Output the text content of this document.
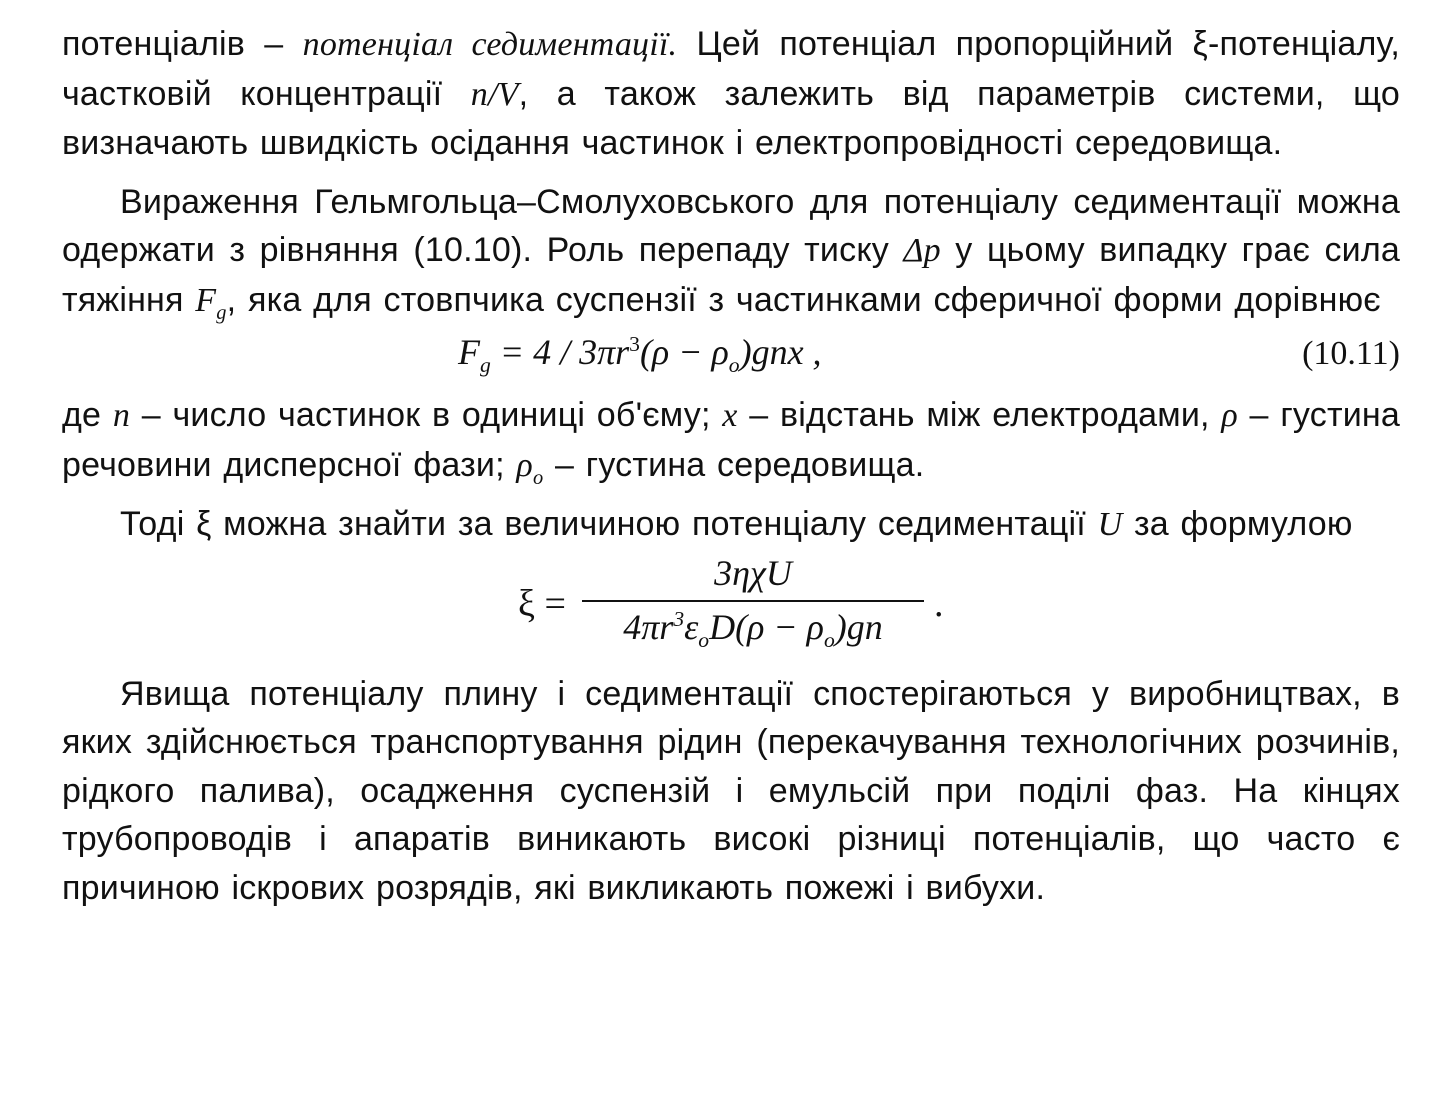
потенціалів – потенціал седиментації. Цей потенціал пропорційний ξ-потенціалу, частковій концентрації n/V, а також залежить від параметрів системи, що визначають швидкість осідання частинок і електропровідності середовища.

Вираження Гельмгольца–Смолуховського для потенціалу седиментації можна одержати з рівняння (10.10). Роль перепаду тиску Δp у цьому випадку грає сила тяжіння $F_g$, яка для стовпчика суспензії з частинками сферичної форми дорівнює

$F_g = 4 / 3\pi r^3(\rho - \rho_o)gnx$ ,	(10.11)

де n – число частинок в одиниці об'єму; x – відстань між електродами, ρ – густина речовини дисперсної фази; $\rho_o$ – густина середовища.

Тоді ξ можна знайти за величиною потенціалу седиментації U за формулою

ξ =
3ηχU
$4\pi r^3\varepsilon_oD(\rho - \rho_o)gn$
.

Явища потенціалу плину і седиментації спостерігаються у виробництвах, в яких здійснюється транспортування рідин (перекачування технологічних розчинів, рідкого палива), осадження суспензій і емульсій при поділі фаз. На кінцях трубопроводів і апаратів виникають високі різниці потенціалів, що часто є причиною іскрових розрядів, які викликають пожежі і вибухи.
